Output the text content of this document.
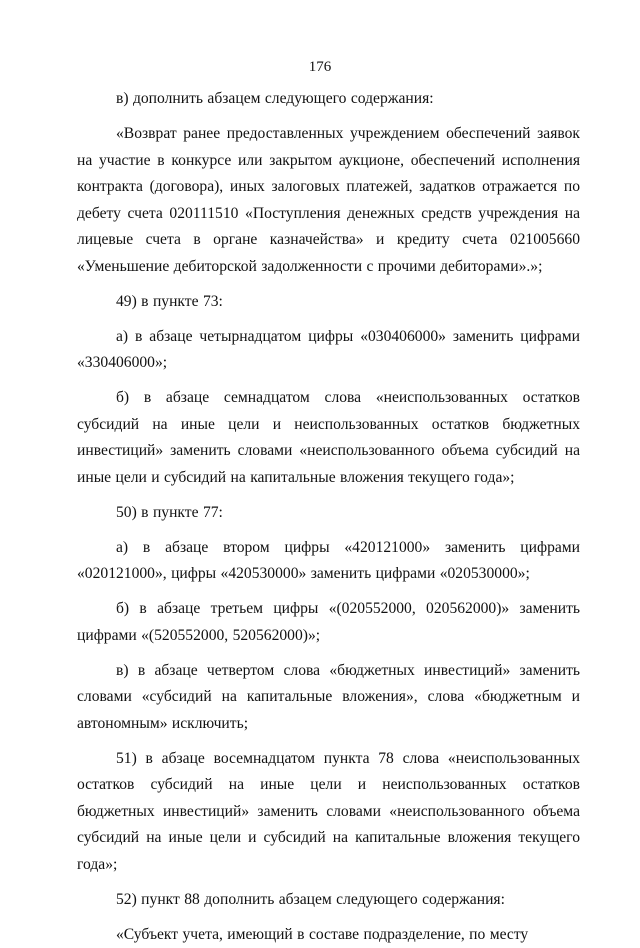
176

в) дополнить абзацем следующего содержания:

«Возврат ранее предоставленных учреждением обеспечений заявок на участие в конкурсе или закрытом аукционе, обеспечений исполнения контракта (договора), иных залоговых платежей, задатков отражается по дебету счета 020111510 «Поступления денежных средств учреждения на лицевые счета в органе казначейства» и кредиту счета 021005660 «Уменьшение дебиторской задолженности с прочими дебиторами».»;

49) в пункте 73:

а) в абзаце четырнадцатом цифры «030406000» заменить цифрами «330406000»;

б) в абзаце семнадцатом слова «неиспользованных остатков субсидий на иные цели и неиспользованных остатков бюджетных инвестиций» заменить словами «неиспользованного объема субсидий на иные цели и субсидий на капитальные вложения текущего года»;

50) в пункте 77:

а) в абзаце втором цифры «420121000» заменить цифрами «020121000», цифры «420530000» заменить цифрами «020530000»;

б) в абзаце третьем цифры «(020552000, 020562000)» заменить цифрами «(520552000, 520562000)»;

в) в абзаце четвертом слова «бюджетных инвестиций» заменить словами «субсидий на капитальные вложения», слова «бюджетным и автономным» исключить;

51) в абзаце восемнадцатом пункта 78 слова «неиспользованных остатков субсидий на иные цели и неиспользованных остатков бюджетных инвестиций» заменить словами «неиспользованного объема субсидий на иные цели и субсидий на капитальные вложения текущего года»;

52) пункт 88 дополнить абзацем следующего содержания:

«Субъект учета, имеющий в составе подразделение, по месту
